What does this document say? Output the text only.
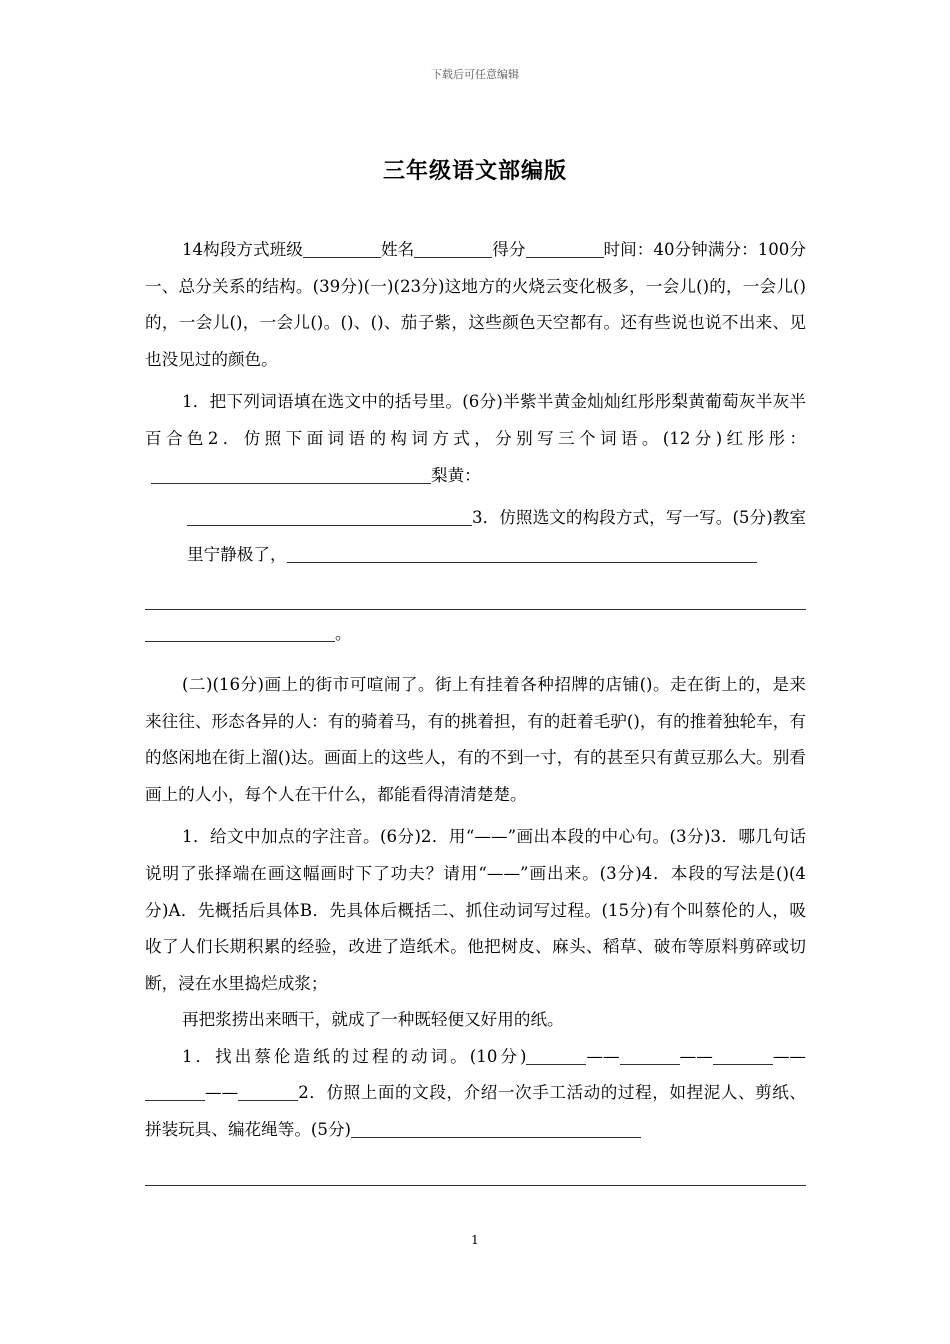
下载后可任意编辑
三年级语文部编版

14构段方式班级	姓名	得分	时间：40分钟满分：100分一、总分关系的结构。(39分)(一)(23分)这地方的火烧云变化极多，一会儿()的，一会儿()的，一会儿()，一会儿()。()、()、茄子紫，这些颜色天空都有。还有些说也说不出来、见也没见过的颜色。

1．把下列词语填在选文中的括号里。(6分)半紫半黄金灿灿红彤彤梨黄葡萄灰半灰半百合色2．仿照下面词语的构词方式，分别写三个词语。(12分)红彤彤：梨黄：

3．仿照选文的构段方式，写一写。(5分)教室里宁静极了，

。

(二)(16分)画上的街市可喧闹了。街上有挂着各种招牌的店铺()。走在街上的，是来来往往、形态各异的人：有的骑着马，有的挑着担，有的赶着毛驴()，有的推着独轮车，有的悠闲地在街上溜()达。画面上的这些人，有的不到一寸，有的甚至只有黄豆那么大。别看画上的人小，每个人在干什么，都能看得清清楚楚。

1．给文中加点的字注音。(6分)2．用“——”画出本段的中心句。(3分)3．哪几句话说明了张择端在画这幅画时下了功夫？请用“——”画出来。(3分)4．本段的写法是()(4分)A．先概括后具体B．先具体后概括二、抓住动词写过程。(15分)有个叫蔡伦的人，吸收了人们长期积累的经验，改进了造纸术。他把树皮、麻头、稻草、破布等原料剪碎或切断，浸在水里捣烂成浆；

再把浆捞出来晒干，就成了一种既轻便又好用的纸。

1．找出蔡伦造纸的过程的动词。(10分)	——	——	————	2．仿照上面的文段，介绍一次手工活动的过程，如捏泥人、剪纸、拼装玩具、编花绳等。(5分)

1
